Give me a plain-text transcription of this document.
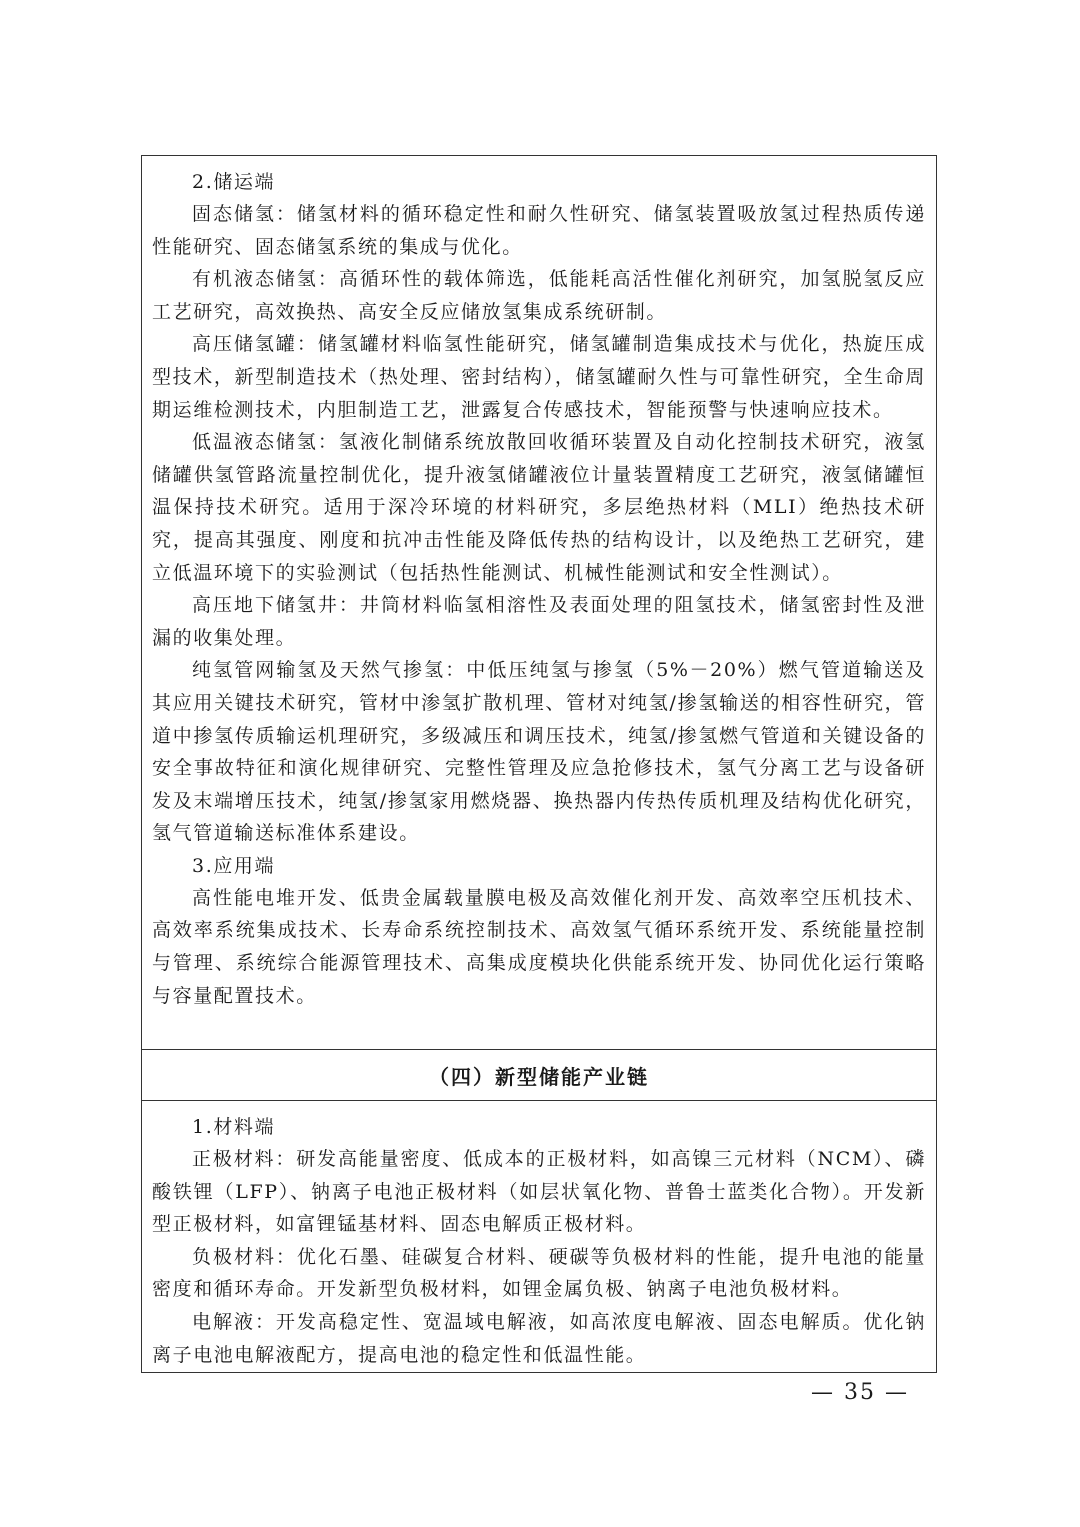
2.储运端

固态储氢：储氢材料的循环稳定性和耐久性研究、储氢装置吸放氢过程热质传递性能研究、固态储氢系统的集成与优化。

有机液态储氢：高循环性的载体筛选，低能耗高活性催化剂研究，加氢脱氢反应工艺研究，高效换热、高安全反应储放氢集成系统研制。

高压储氢罐：储氢罐材料临氢性能研究，储氢罐制造集成技术与优化，热旋压成型技术，新型制造技术（热处理、密封结构），储氢罐耐久性与可靠性研究，全生命周期运维检测技术，内胆制造工艺，泄露复合传感技术，智能预警与快速响应技术。

低温液态储氢：氢液化制储系统放散回收循环装置及自动化控制技术研究，液氢储罐供氢管路流量控制优化，提升液氢储罐液位计量装置精度工艺研究，液氢储罐恒温保持技术研究。适用于深冷环境的材料研究，多层绝热材料（MLI）绝热技术研究，提高其强度、刚度和抗冲击性能及降低传热的结构设计，以及绝热工艺研究，建立低温环境下的实验测试（包括热性能测试、机械性能测试和安全性测试）。

高压地下储氢井：井筒材料临氢相溶性及表面处理的阻氢技术，储氢密封性及泄漏的收集处理。

纯氢管网输氢及天然气掺氢：中低压纯氢与掺氢（5%－20%）燃气管道输送及其应用关键技术研究，管材中渗氢扩散机理、管材对纯氢/掺氢输送的相容性研究，管道中掺氢传质输运机理研究，多级减压和调压技术，纯氢/掺氢燃气管道和关键设备的安全事故特征和演化规律研究、完整性管理及应急抢修技术，氢气分离工艺与设备研发及末端增压技术，纯氢/掺氢家用燃烧器、换热器内传热传质机理及结构优化研究，氢气管道输送标准体系建设。

3.应用端

高性能电堆开发、低贵金属载量膜电极及高效催化剂开发、高效率空压机技术、高效率系统集成技术、长寿命系统控制技术、高效氢气循环系统开发、系统能量控制与管理、系统综合能源管理技术、高集成度模块化供能系统开发、协同优化运行策略与容量配置技术。

（四）新型储能产业链

1.材料端

正极材料：研发高能量密度、低成本的正极材料，如高镍三元材料（NCM）、磷酸铁锂（LFP）、钠离子电池正极材料（如层状氧化物、普鲁士蓝类化合物）。开发新型正极材料，如富锂锰基材料、固态电解质正极材料。

负极材料：优化石墨、硅碳复合材料、硬碳等负极材料的性能，提升电池的能量密度和循环寿命。开发新型负极材料，如锂金属负极、钠离子电池负极材料。

电解液：开发高稳定性、宽温域电解液，如高浓度电解液、固态电解质。优化钠离子电池电解液配方，提高电池的稳定性和低温性能。

— 35 —
